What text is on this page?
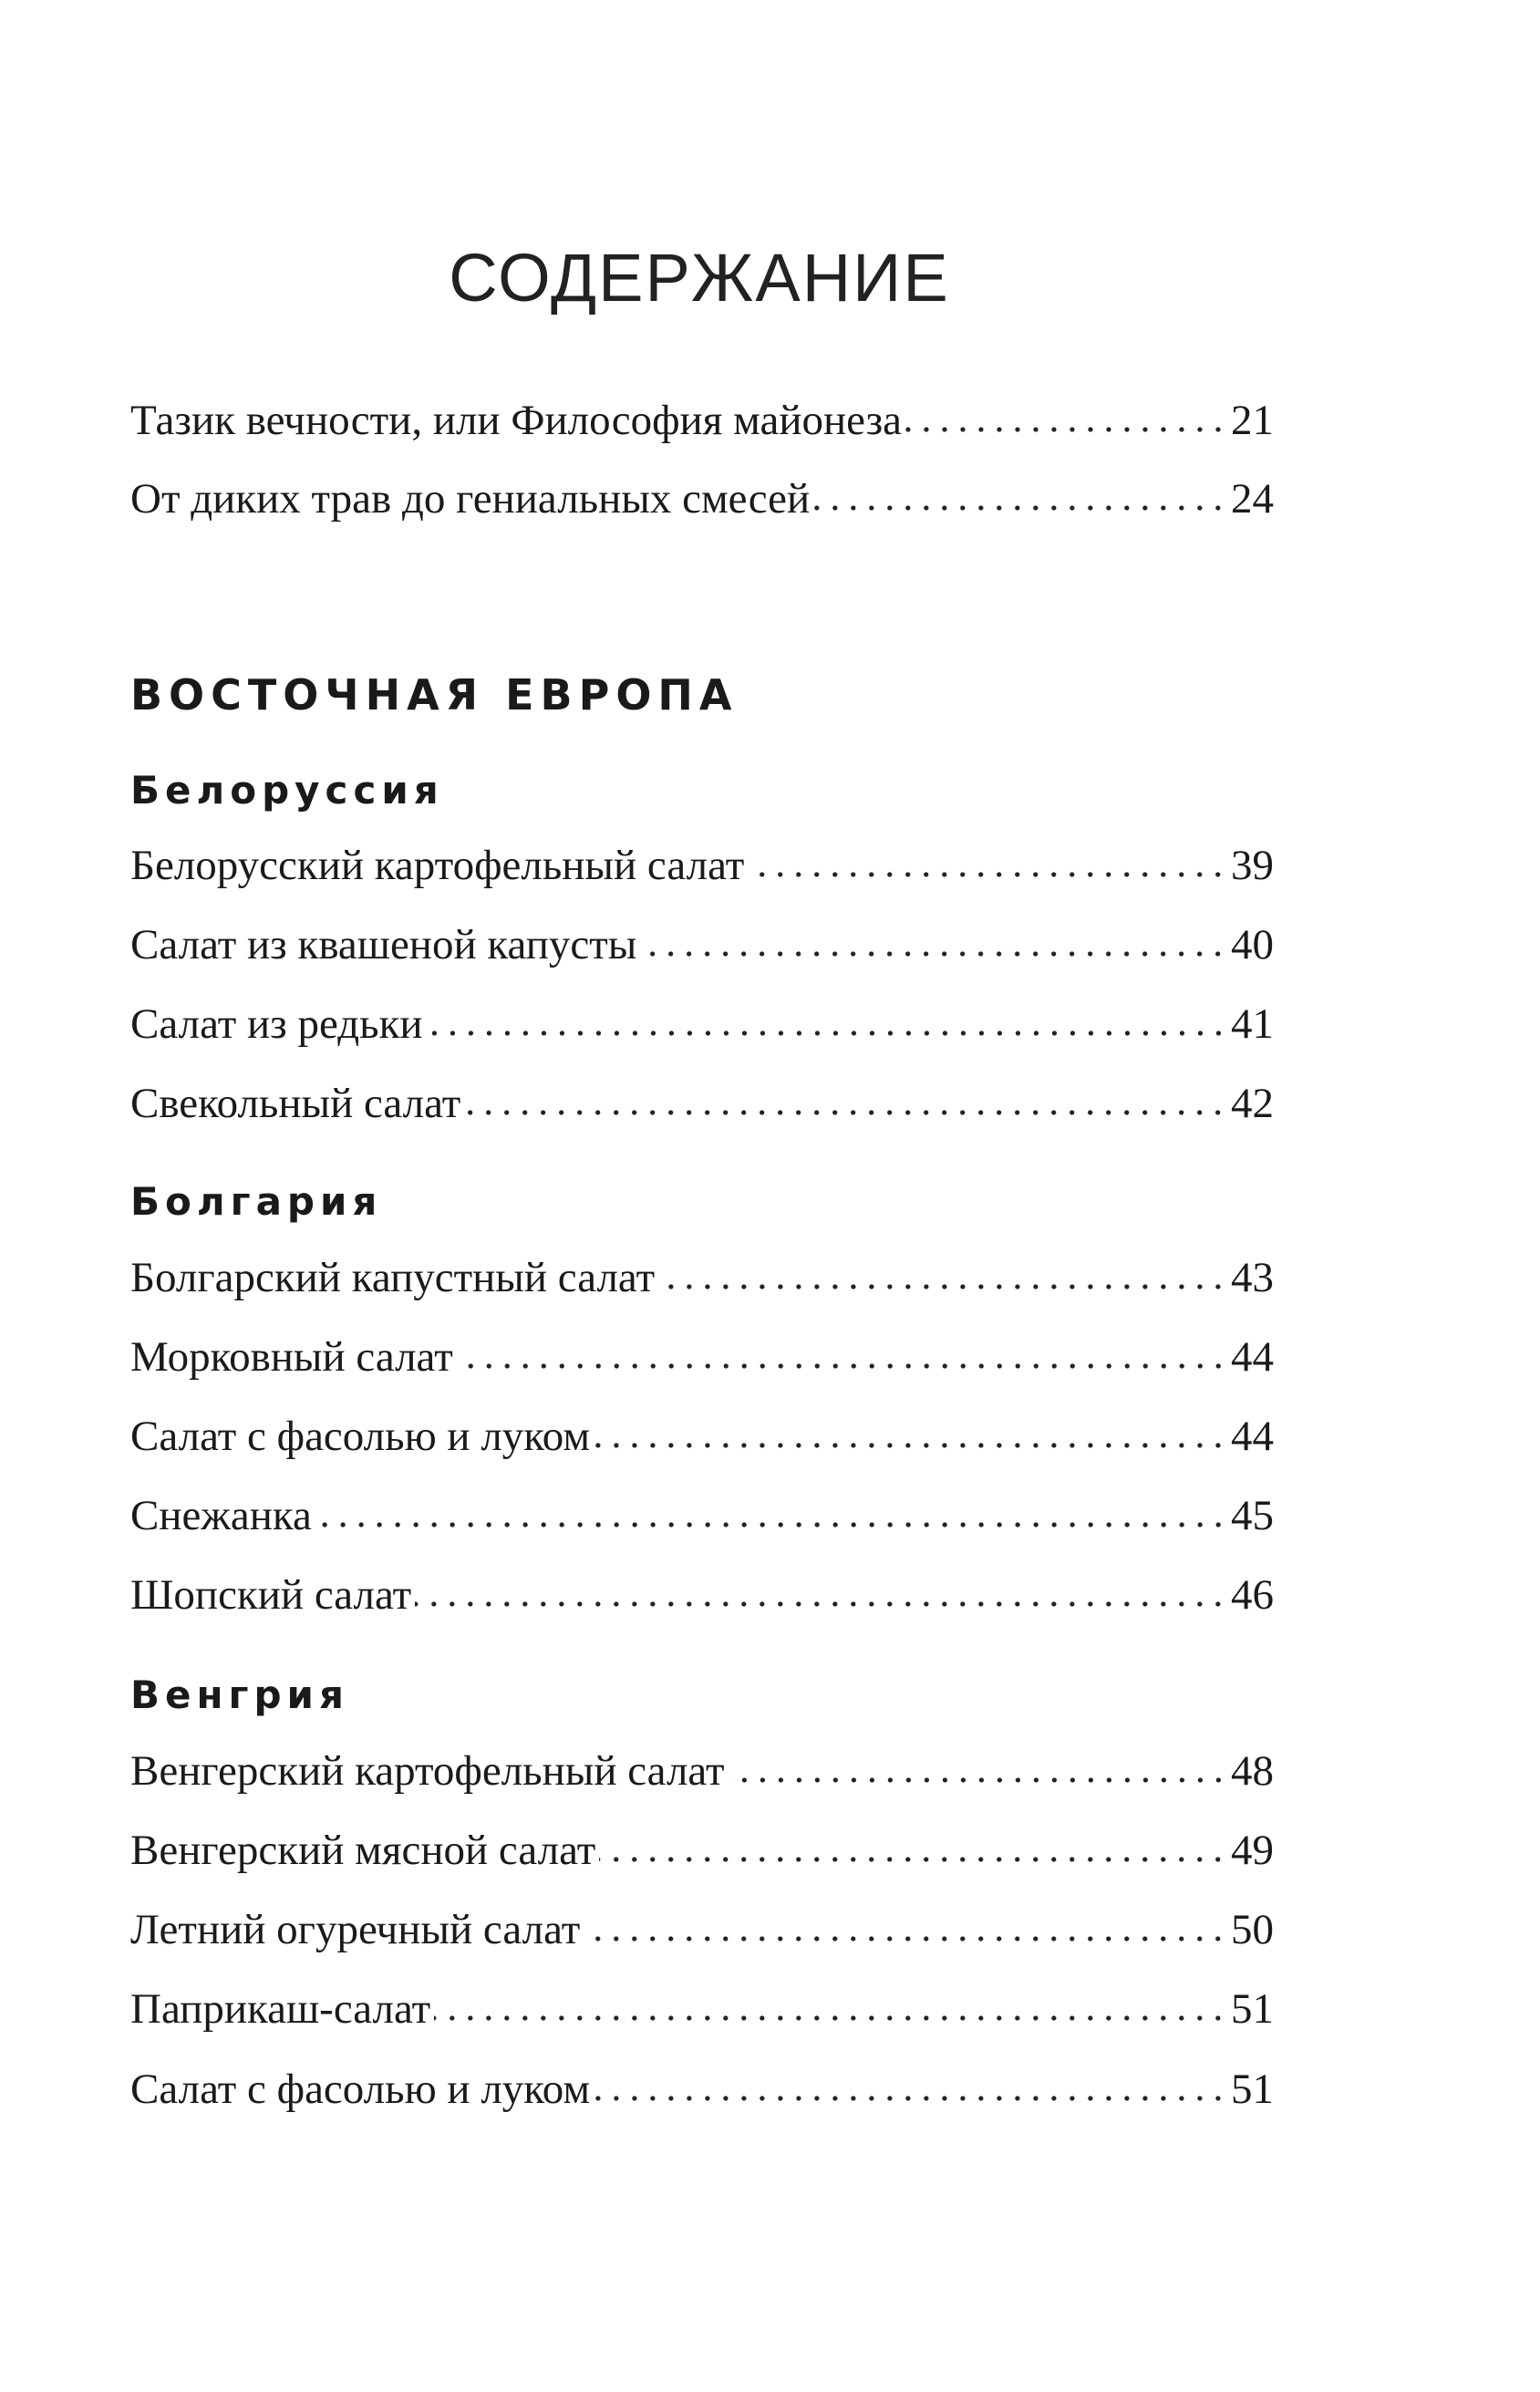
СОДЕРЖАНИЕ
ВОСТОЧНАЯ ЕВРОПА
Тазик вечности, или Философия майонеза	21
От диких трав до гениальных смесей	24
Белоруссия
Белорусский картофельный салат	39
Салат из квашеной капусты	40
Салат из редьки	41
Свекольный салат	42
Болгария
Болгарский капустный салат	43
Морковный салат	44
Салат с фасолью и луком	44
Снежанка	45
Шопский салат	46
Венгрия
Венгерский картофельный салат	48
Венгерский мясной салат	49
Летний огуречный салат	50
Паприкаш-салат	51
Салат с фасолью и луком	51
